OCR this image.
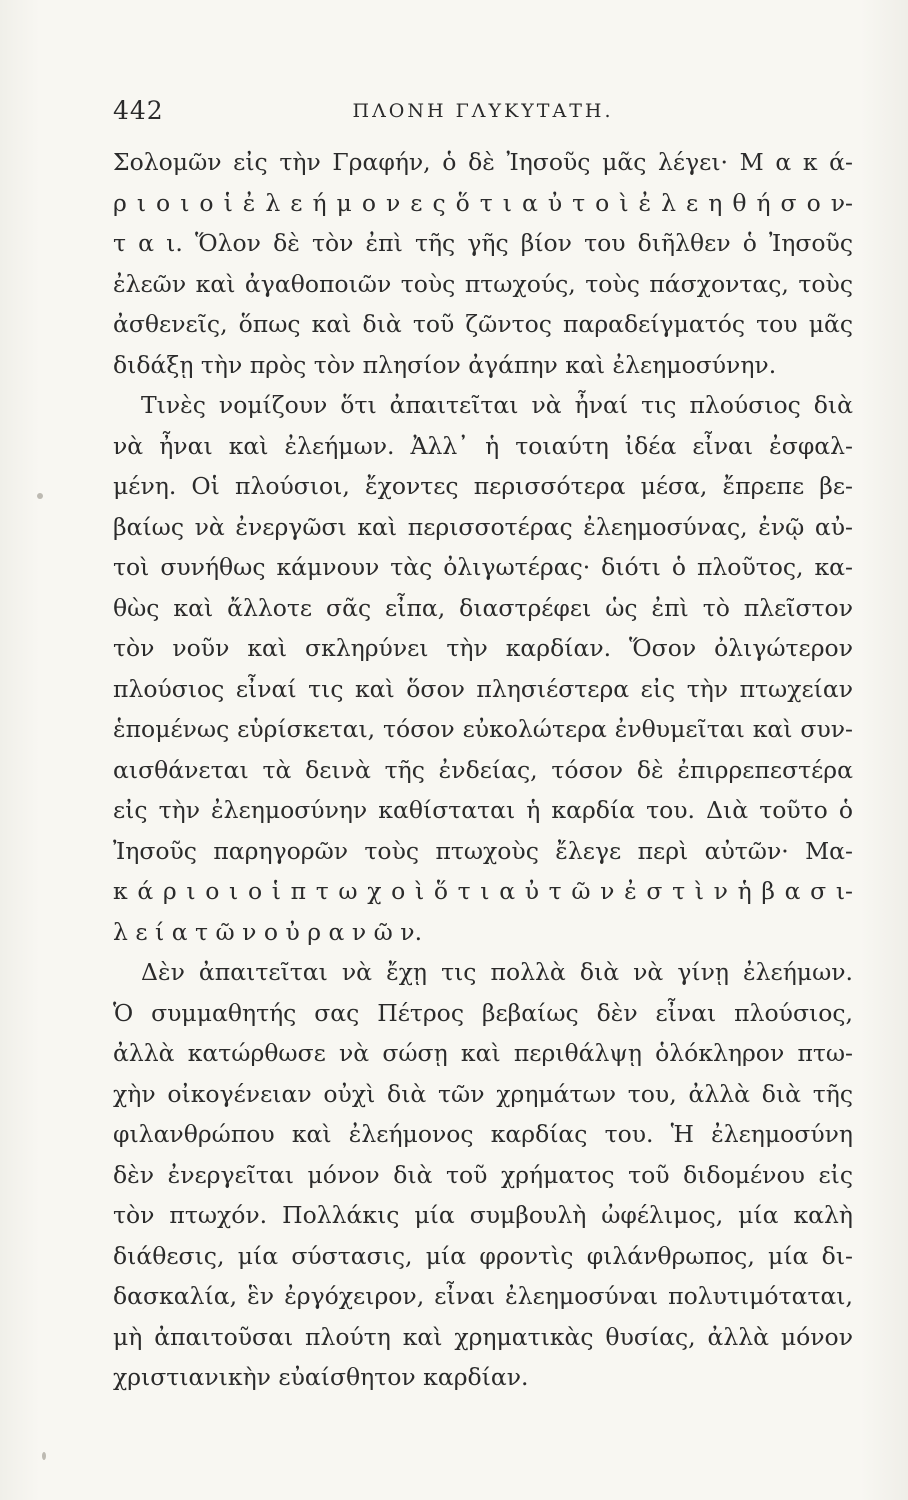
442	ΠΛΟΝΗ ΓΛΥΚΥΤΑΤΗ.
Σολομῶν εἰς τὴν Γραφήν, ὁ δὲ Ἰησοῦς μᾶς λέγει· Μ α κ ά-
ρ ι ο ι ο ἱ ἐ λ ε ή μ ο ν ε ς ὅ τ ι α ὐ τ ο ὶ ἐ λ ε η θ ή σ ο ν-
τ α ι. Ὅλον δὲ τὸν ἐπὶ τῆς γῆς βίον του διῆλθεν ὁ Ἰησοῦς
ἐλεῶν καὶ ἀγαθοποιῶν τοὺς πτωχούς, τοὺς πάσχοντας, τοὺς
ἀσθενεῖς, ὅπως καὶ διὰ τοῦ ζῶντος παραδείγματός του μᾶς
διδάξῃ τὴν πρὸς τὸν πλησίον ἀγάπην καὶ ἐλεημοσύνην.
Τινὲς νομίζουν ὅτι ἀπαιτεῖται νὰ ἦναί τις πλούσιος διὰ
νὰ ἦναι καὶ ἐλεήμων. Ἀλλ᾽ ἡ τοιαύτη ἰδέα εἶναι ἐσφαλ-
μένη. Οἱ πλούσιοι, ἔχοντες περισσότερα μέσα, ἔπρεπε βε-
βαίως νὰ ἐνεργῶσι καὶ περισσοτέρας ἐλεημοσύνας, ἐνῷ αὐ-
τοὶ συνήθως κάμνουν τὰς ὀλιγωτέρας· διότι ὁ πλοῦτος, κα-
θὼς καὶ ἄλλοτε σᾶς εἶπα, διαστρέφει ὡς ἐπὶ τὸ πλεῖστον
τὸν νοῦν καὶ σκληρύνει τὴν καρδίαν. Ὅσον ὀλιγώτερον
πλούσιος εἶναί τις καὶ ὅσον πλησιέστερα εἰς τὴν πτωχείαν
ἑπομένως εὑρίσκεται, τόσον εὐκολώτερα ἐνθυμεῖται καὶ συν-
αισθάνεται τὰ δεινὰ τῆς ἐνδείας, τόσον δὲ ἐπιρρεπεστέρα
εἰς τὴν ἐλεημοσύνην καθίσταται ἡ καρδία του. Διὰ τοῦτο ὁ
Ἰησοῦς παρηγορῶν τοὺς πτωχοὺς ἔλεγε περὶ αὐτῶν· Μα-
κ ά ρ ι ο ι ο ἱ π τ ω χ ο ὶ ὅ τ ι α ὐ τ ῶ ν ἐ σ τ ὶ ν ἡ β α σ ι-
λ ε ί α τ ῶ ν ο ὐ ρ α ν ῶ ν.
Δὲν ἀπαιτεῖται νὰ ἔχῃ τις πολλὰ διὰ νὰ γίνῃ ἐλεήμων.
Ὁ συμμαθητής σας Πέτρος βεβαίως δὲν εἶναι πλούσιος,
ἀλλὰ κατώρθωσε νὰ σώσῃ καὶ περιθάλψῃ ὁλόκληρον πτω-
χὴν οἰκογένειαν οὐχὶ διὰ τῶν χρημάτων του, ἀλλὰ διὰ τῆς
φιλανθρώπου καὶ ἐλεήμονος καρδίας του. Ἡ ἐλεημοσύνη
δὲν ἐνεργεῖται μόνον διὰ τοῦ χρήματος τοῦ διδομένου εἰς
τὸν πτωχόν. Πολλάκις μία συμβουλὴ ὠφέλιμος, μία καλὴ
διάθεσις, μία σύστασις, μία φροντὶς φιλάνθρωπος, μία δι-
δασκαλία, ἓν ἐργόχειρον, εἶναι ἐλεημοσύναι πολυτιμόταται,
μὴ ἀπαιτοῦσαι πλούτη καὶ χρηματικὰς θυσίας, ἀλλὰ μόνον
χριστιανικὴν εὐαίσθητον καρδίαν.
